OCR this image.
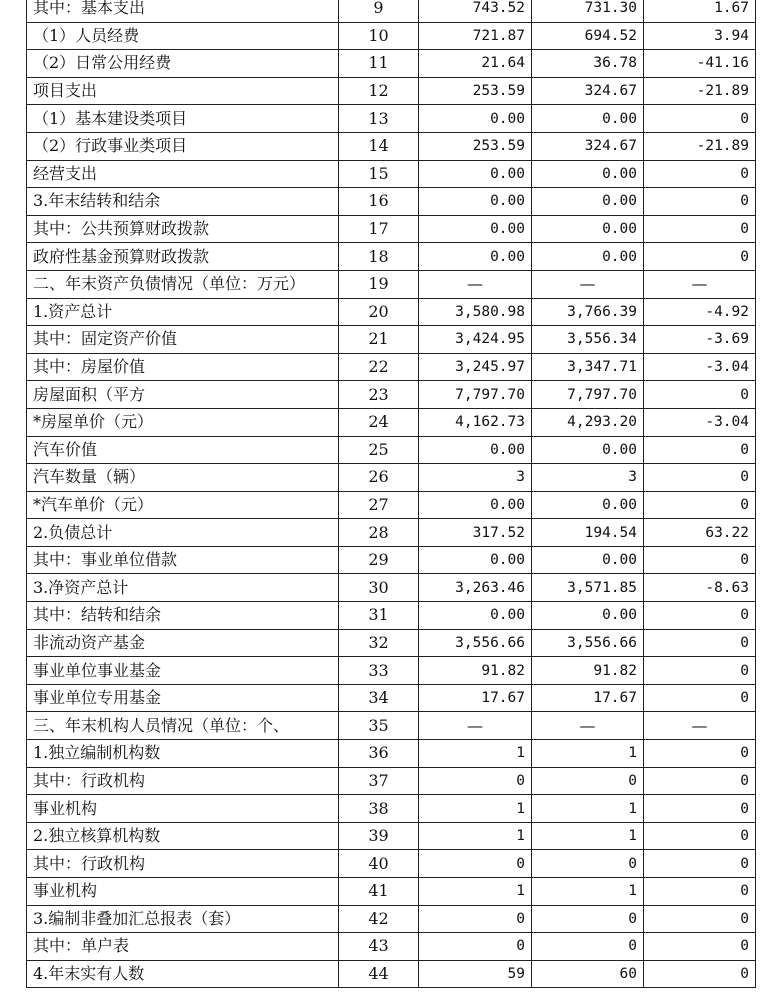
其中：基本支出	9	743.52	731.30	1.67
（1）人员经费	10	721.87	694.52	3.94
（2）日常公用经费	11	21.64	36.78	-41.16
项目支出	12	253.59	324.67	-21.89
（1）基本建设类项目	13	0.00	0.00	0
（2）行政事业类项目	14	253.59	324.67	-21.89
经营支出	15	0.00	0.00	0
3.年末结转和结余	16	0.00	0.00	0
其中：公共预算财政拨款	17	0.00	0.00	0
政府性基金预算财政拨款	18	0.00	0.00	0
二、年末资产负债情况（单位：万元）	19	—	—	—
1.资产总计	20	3,580.98	3,766.39	-4.92
其中：固定资产价值	21	3,424.95	3,556.34	-3.69
其中：房屋价值	22	3,245.97	3,347.71	-3.04
房屋面积（平方	23	7,797.70	7,797.70	0
*房屋单价（元）	24	4,162.73	4,293.20	-3.04
汽车价值	25	0.00	0.00	0
汽车数量（辆）	26	3	3	0
*汽车单价（元）	27	0.00	0.00	0
2.负债总计	28	317.52	194.54	63.22
其中：事业单位借款	29	0.00	0.00	0
3.净资产总计	30	3,263.46	3,571.85	-8.63
其中：结转和结余	31	0.00	0.00	0
非流动资产基金	32	3,556.66	3,556.66	0
事业单位事业基金	33	91.82	91.82	0
事业单位专用基金	34	17.67	17.67	0
三、年末机构人员情况（单位：个、	35	—	—	—
1.独立编制机构数	36	1	1	0
其中：行政机构	37	0	0	0
事业机构	38	1	1	0
2.独立核算机构数	39	1	1	0
其中：行政机构	40	0	0	0
事业机构	41	1	1	0
3.编制非叠加汇总报表（套）	42	0	0	0
其中：单户表	43	0	0	0
4.年末实有人数	44	59	60	0
